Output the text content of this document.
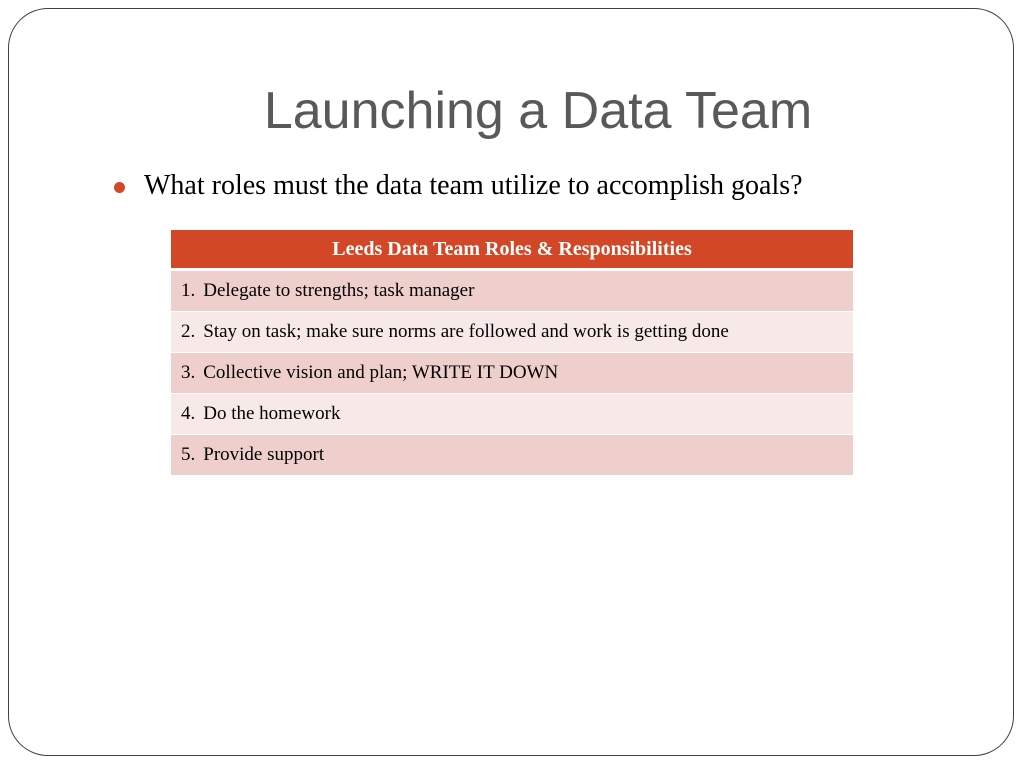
Launching a Data Team
What roles must the data team utilize to accomplish goals?
Leeds Data Team Roles & Responsibilities
1. Delegate to strengths; task manager
2. Stay on task; make sure norms are followed and work is getting done
3. Collective vision and plan; WRITE IT DOWN
4. Do the homework
5. Provide support
